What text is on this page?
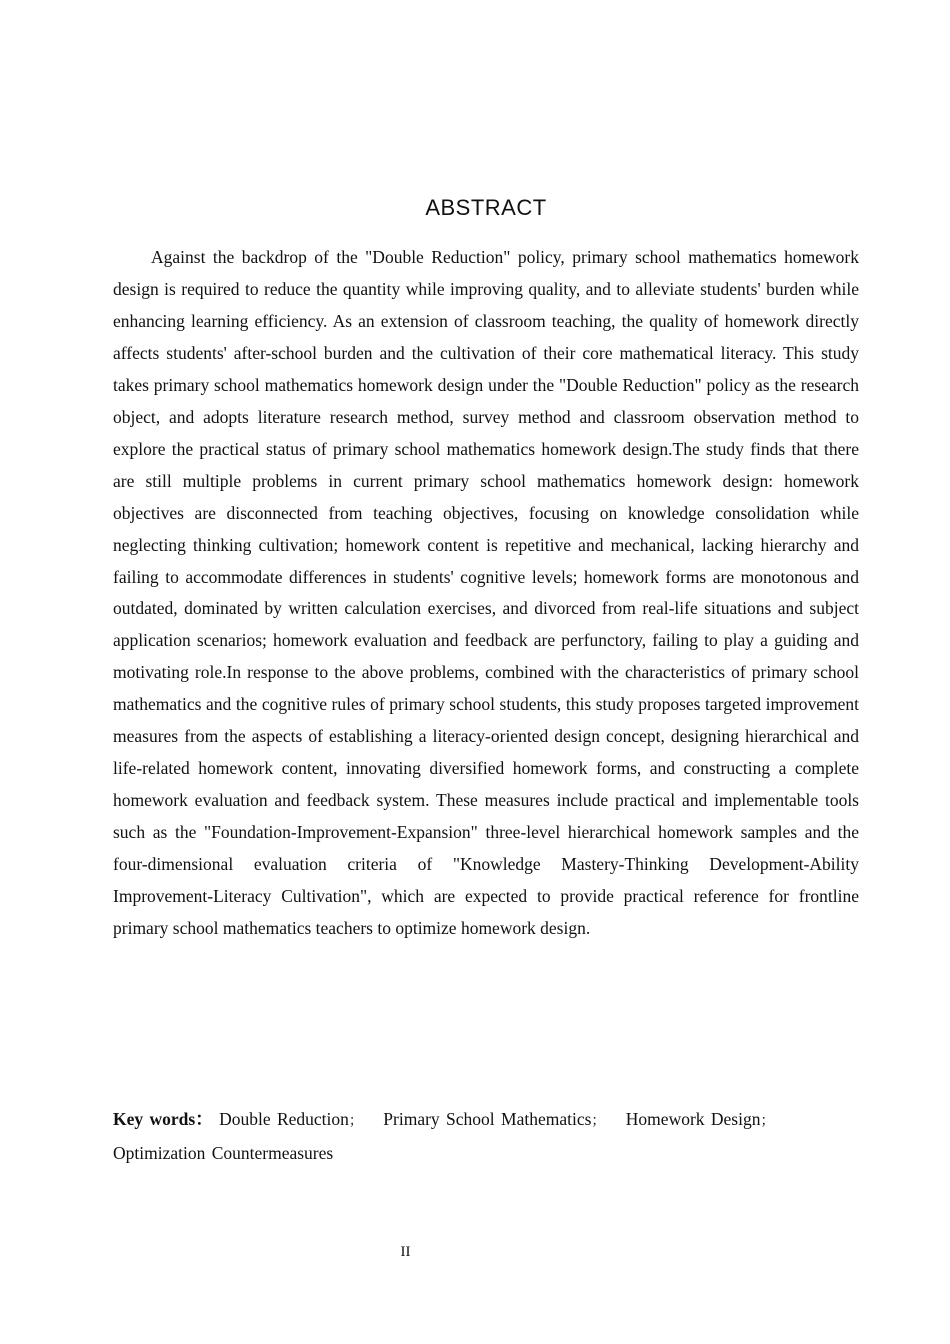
ABSTRACT

Against the backdrop of the "Double Reduction" policy, primary school mathematics homework design is required to reduce the quantity while improving quality, and to alleviate students' burden while enhancing learning efficiency. As an extension of classroom teaching, the quality of homework directly affects students' after-school burden and the cultivation of their core mathematical literacy. This study takes primary school mathematics homework design under the "Double Reduction" policy as the research object, and adopts literature research method, survey method and classroom observation method to explore the practical status of primary school mathematics homework design.The study finds that there are still multiple problems in current primary school mathematics homework design: homework objectives are disconnected from teaching objectives, focusing on knowledge consolidation while neglecting thinking cultivation; homework content is repetitive and mechanical, lacking hierarchy and failing to accommodate differences in students' cognitive levels; homework forms are monotonous and outdated, dominated by written calculation exercises, and divorced from real-life situations and subject application scenarios; homework evaluation and feedback are perfunctory, failing to play a guiding and motivating role.In response to the above problems, combined with the characteristics of primary school mathematics and the cognitive rules of primary school students, this study proposes targeted improvement measures from the aspects of establishing a literacy-oriented design concept, designing hierarchical and life-related homework content, innovating diversified homework forms, and constructing a complete homework evaluation and feedback system. These measures include practical and implementable tools such as the "Foundation-Improvement-Expansion" three-level hierarchical homework samples and the four-dimensional evaluation criteria of "Knowledge Mastery-Thinking Development-Ability Improvement-Literacy Cultivation", which are expected to provide practical reference for frontline primary school mathematics teachers to optimize homework design.

Key words： Double Reduction； Primary School Mathematics； Homework Design； Optimization Countermeasures

II
